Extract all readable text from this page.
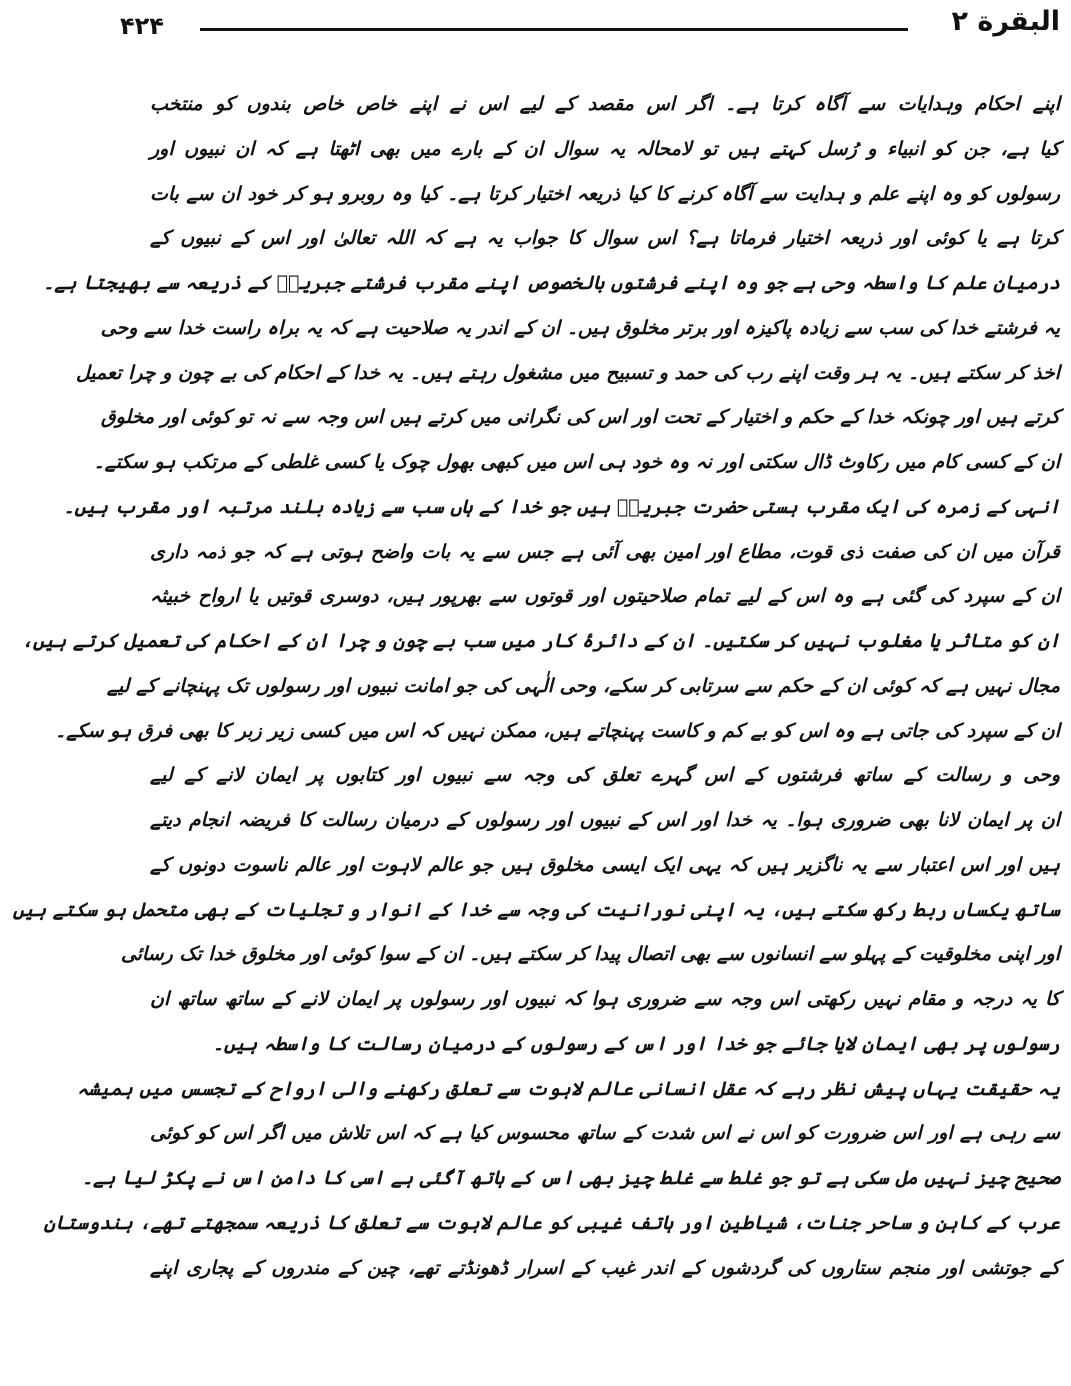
۴۲۴	البقرة ۲
اپنے احکام وہدایات سے آگاہ کرتا ہے۔ اگر اس مقصد کے لیے اس نے اپنے خاص خاص بندوں کو منتخب
کیا ہے، جن کو انبیاء و رُسل کہتے ہیں تو لامحالہ یہ سوال ان کے بارے میں بھی اٹھتا ہے کہ ان نبیوں اور
رسولوں کو وہ اپنے علم و ہدایت سے آگاہ کرنے کا کیا ذریعہ اختیار کرتا ہے۔ کیا وہ روبرو ہو کر خود ان سے بات
کرتا ہے یا کوئی اور ذریعہ اختیار فرماتا ہے؟ اس سوال کا جواب یہ ہے کہ اللہ تعالیٰ اور اس کے نبیوں کے
درمیان علم کا واسطہ وحی ہے جو وہ اپنے فرشتوں بالخصوص اپنے مقرب فرشتے جبریلؑ کے ذریعہ سے بھیجتا ہے۔
یہ فرشتے خدا کی سب سے زیادہ پاکیزہ اور برتر مخلوق ہیں۔ ان کے اندر یہ صلاحیت ہے کہ یہ براہ راست خدا سے وحی
اخذ کر سکتے ہیں۔ یہ ہر وقت اپنے رب کی حمد و تسبیح میں مشغول رہتے ہیں۔ یہ خدا کے احکام کی بے چون و چرا تعمیل
کرتے ہیں اور چونکہ خدا کے حکم و اختیار کے تحت اور اس کی نگرانی میں کرتے ہیں اس وجہ سے نہ تو کوئی اور مخلوق
ان کے کسی کام میں رکاوٹ ڈال سکتی اور نہ وہ خود ہی اس میں کبھی بھول چوک یا کسی غلطی کے مرتکب ہو سکتے۔
انہی کے زمرہ کی ایک مقرب ہستی حضرت جبریلؑ ہیں جو خدا کے ہاں سب سے زیادہ بلند مرتبہ اور مقرب ہیں۔
قرآن میں ان کی صفت ذی قوت، مطاع اور امین بھی آئی ہے جس سے یہ بات واضح ہوتی ہے کہ جو ذمہ داری
ان کے سپرد کی گئی ہے وہ اس کے لیے تمام صلاحیتوں اور قوتوں سے بھرپور ہیں، دوسری قوتیں یا ارواح خبیثہ
ان کو متاثر یا مغلوب نہیں کر سکتیں۔ ان کے دائرۂ کار میں سب بے چون و چرا ان کے احکام کی تعمیل کرتے ہیں،
مجال نہیں ہے کہ کوئی ان کے حکم سے سرتابی کر سکے، وحی الٰہی کی جو امانت نبیوں اور رسولوں تک پہنچانے کے لیے
ان کے سپرد کی جاتی ہے وہ اس کو بے کم و کاست پہنچاتے ہیں، ممکن نہیں کہ اس میں کسی زیر زبر کا بھی فرق ہو سکے۔
وحی و رسالت کے ساتھ فرشتوں کے اس گہرے تعلق کی وجہ سے نبیوں اور کتابوں پر ایمان لانے کے لیے
ان پر ایمان لانا بھی ضروری ہوا۔ یہ خدا اور اس کے نبیوں اور رسولوں کے درمیان رسالت کا فریضہ انجام دیتے
ہیں اور اس اعتبار سے یہ ناگزیر ہیں کہ یہی ایک ایسی مخلوق ہیں جو عالم لاہوت اور عالم ناسوت دونوں کے
ساتھ یکساں ربط رکھ سکتے ہیں، یہ اپنی نورانیت کی وجہ سے خدا کے انوار و تجلیات کے بھی متحمل ہو سکتے ہیں
اور اپنی مخلوقیت کے پہلو سے انسانوں سے بھی اتصال پیدا کر سکتے ہیں۔ ان کے سوا کوئی اور مخلوق خدا تک رسائی
کا یہ درجہ و مقام نہیں رکھتی اس وجہ سے ضروری ہوا کہ نبیوں اور رسولوں پر ایمان لانے کے ساتھ ساتھ ان
رسولوں پر بھی ایمان لایا جائے جو خدا اور اس کے رسولوں کے درمیان رسالت کا واسطہ ہیں۔
یہ حقیقت یہاں پیش نظر رہے کہ عقل انسانی عالم لاہوت سے تعلق رکھنے والی ارواح کے تجسس میں ہمیشہ
سے رہی ہے اور اس ضرورت کو اس نے اس شدت کے ساتھ محسوس کیا ہے کہ اس تلاش میں اگر اس کو کوئی
صحیح چیز نہیں مل سکی ہے تو جو غلط سے غلط چیز بھی اس کے ہاتھ آگئی ہے اسی کا دامن اس نے پکڑ لیا ہے۔
عرب کے کاہن و ساحر جنات، شیاطین اور ہاتف غیبی کو عالم لاہوت سے تعلق کا ذریعہ سمجھتے تھے، ہندوستان
کے جوتشی اور منجم ستاروں کی گردشوں کے اندر غیب کے اسرار ڈھونڈتے تھے، چین کے مندروں کے پجاری اپنے
